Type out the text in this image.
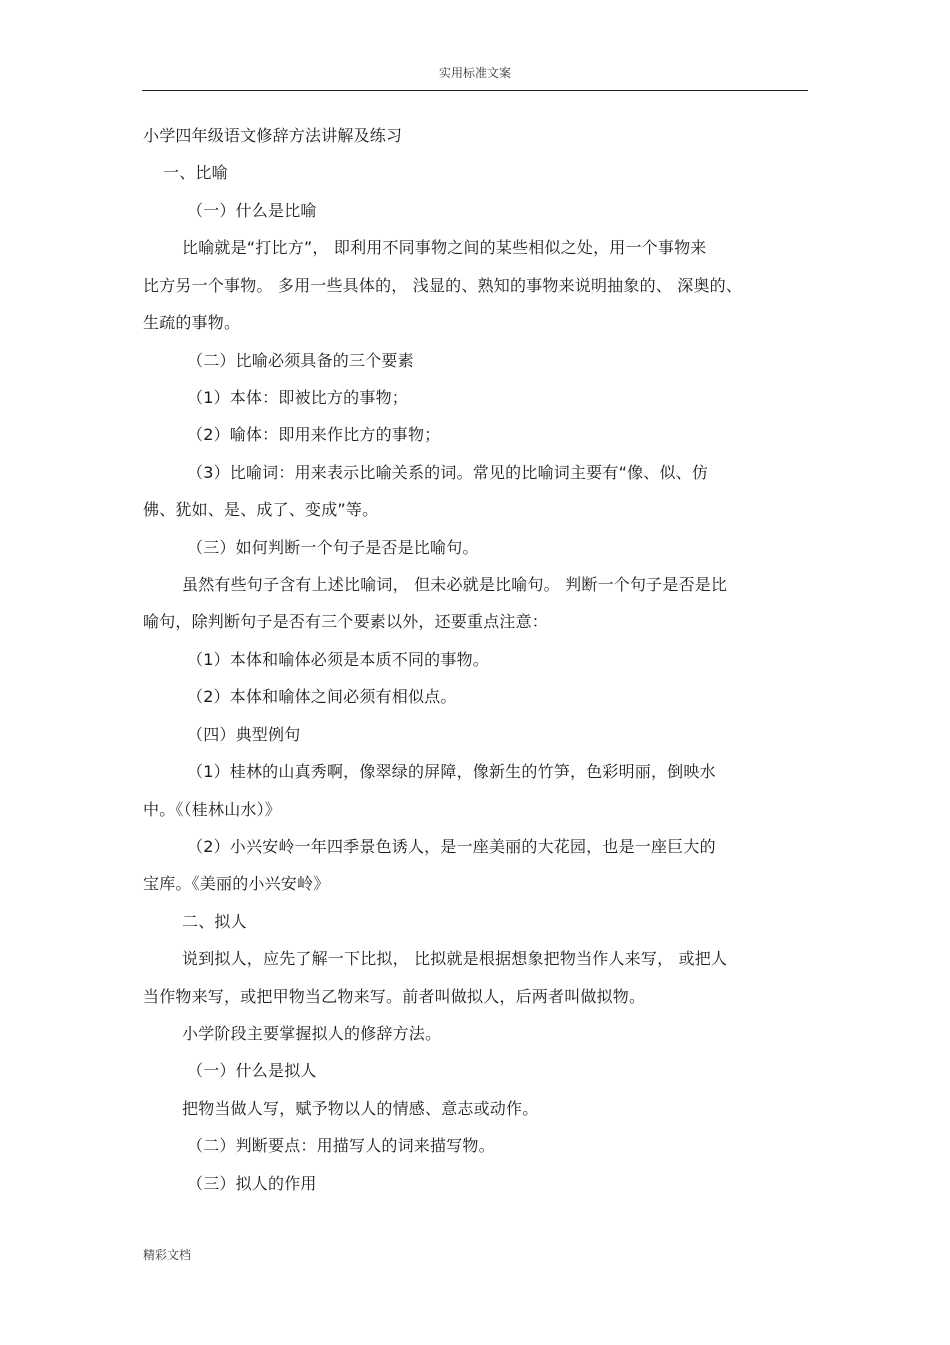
实用标准文案
小学四年级语文修辞方法讲解及练习
一、比喻
（一）什么是比喻
比喻就是“打比方”， 即利用不同事物之间的某些相似之处，用一个事物来
比方另一个事物。 多用一些具体的， 浅显的、熟知的事物来说明抽象的、 深奥的、
生疏的事物。
（二）比喻必须具备的三个要素
（1）本体：即被比方的事物；
（2）喻体：即用来作比方的事物；
（3）比喻词：用来表示比喻关系的词。常见的比喻词主要有“像、似、仿
佛、犹如、是、成了、变成”等。
（三）如何判断一个句子是否是比喻句。
虽然有些句子含有上述比喻词， 但未必就是比喻句。 判断一个句子是否是比
喻句，除判断句子是否有三个要素以外，还要重点注意：
（1）本体和喻体必须是本质不同的事物。
（2）本体和喻体之间必须有相似点。
（四）典型例句
（1）桂林的山真秀啊，像翠绿的屏障，像新生的竹笋，色彩明丽，倒映水
中。《（桂林山水）》
（2）小兴安岭一年四季景色诱人，是一座美丽的大花园，也是一座巨大的
宝库。《美丽的小兴安岭》
二、拟人
说到拟人，应先了解一下比拟， 比拟就是根据想象把物当作人来写， 或把人
当作物来写，或把甲物当乙物来写。前者叫做拟人，后两者叫做拟物。
小学阶段主要掌握拟人的修辞方法。
（一）什么是拟人
把物当做人写，赋予物以人的情感、意志或动作。
（二）判断要点：用描写人的词来描写物。
（三）拟人的作用
精彩文档
